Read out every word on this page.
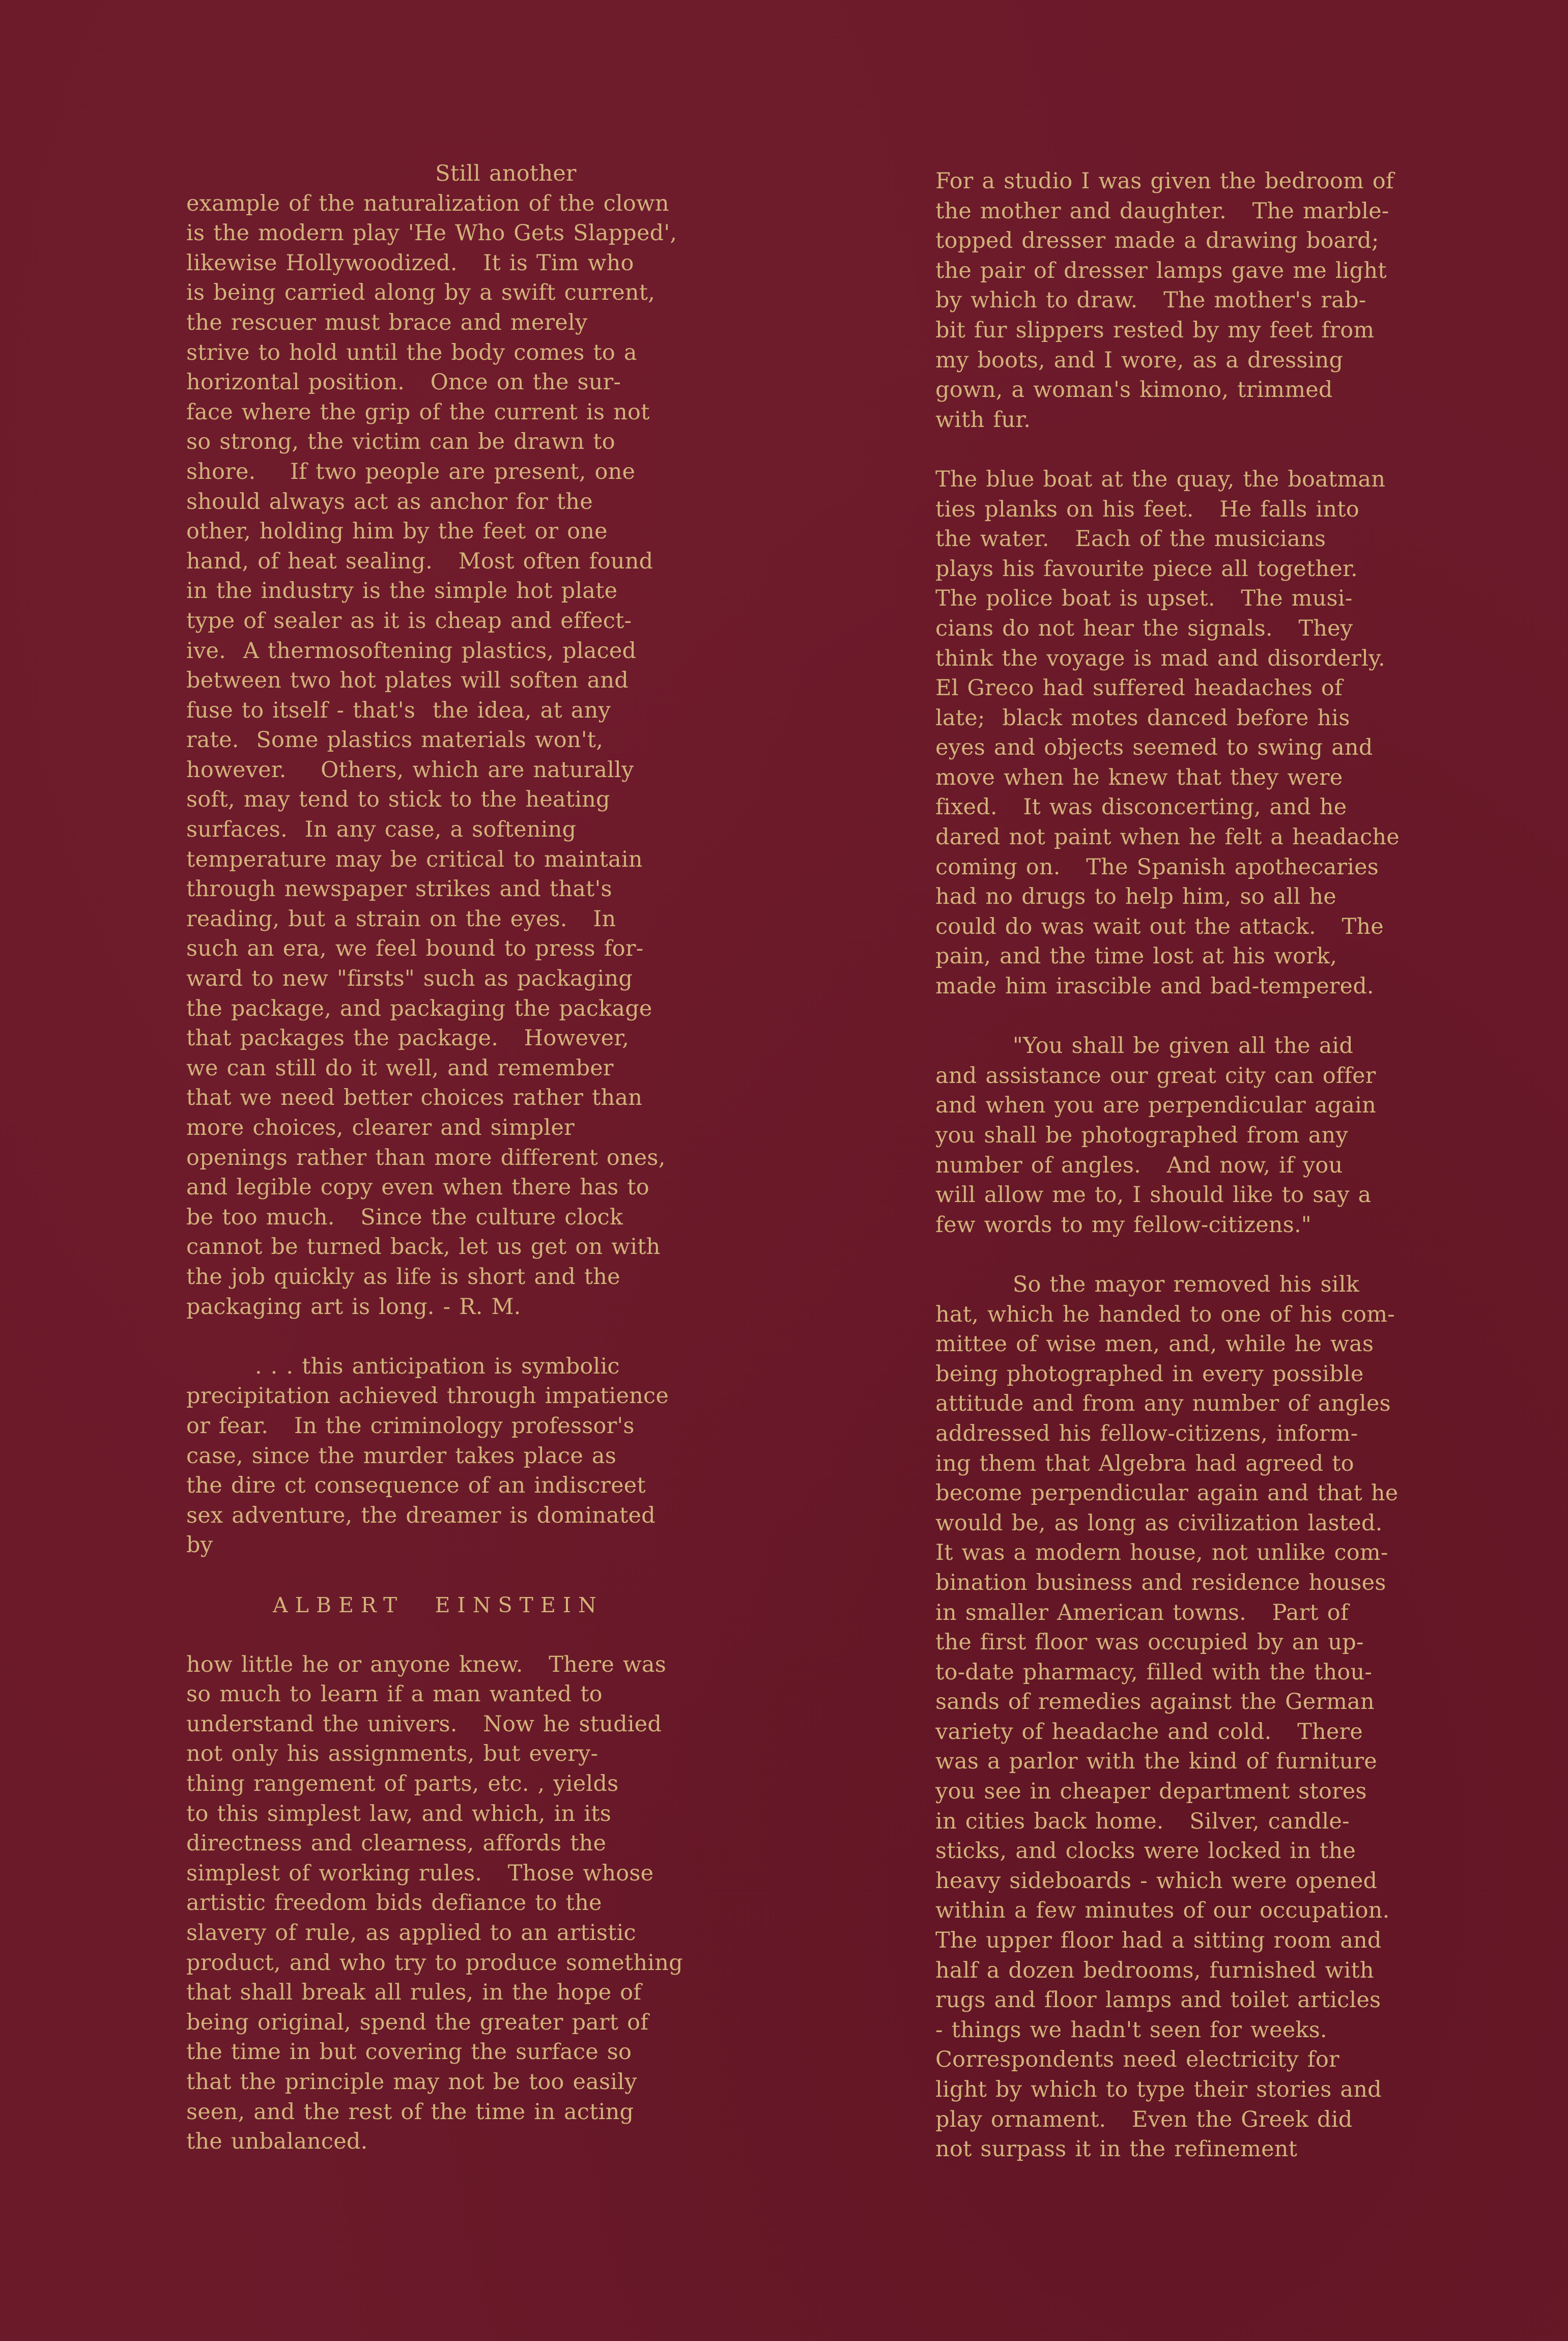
Still another
example of the naturalization of the clown
is the modern play 'He Who Gets Slapped',
likewise Hollywoodized.   It is Tim who
is being carried along by a swift current,
the rescuer must brace and merely
strive to hold until the body comes to a
horizontal position.   Once on the sur-
face where the grip of the current is not
so strong, the victim can be drawn to
shore.    If two people are present, one
should always act as anchor for the
other, holding him by the feet or one
hand, of heat sealing.   Most often found
in the industry is the simple hot plate
type of sealer as it is cheap and effect-
ive.  A thermosoftening plastics, placed
between two hot plates will soften and
fuse to itself - that's  the idea, at any
rate.  Some plastics materials won't,
however.    Others, which are naturally
soft, may tend to stick to the heating
surfaces.  In any case, a softening
temperature may be critical to maintain
through newspaper strikes and that's
reading, but a strain on the eyes.   In
such an era, we feel bound to press for-
ward to new "firsts" such as packaging
the package, and packaging the package
that packages the package.   However,
we can still do it well, and remember
that we need better choices rather than
more choices, clearer and simpler
openings rather than more different ones,
and legible copy even when there has to
be too much.   Since the culture clock
cannot be turned back, let us get on with
the job quickly as life is short and the
packaging art is long. - R. M.
. . . this anticipation is symbolic
precipitation achieved through impatience
or fear.   In the criminology professor's
case, since the murder takes place as
the dire ct consequence of an indiscreet
sex adventure, the dreamer is dominated
by
ALBERT  EINSTEIN
how little he or anyone knew.   There was
so much to learn if a man wanted to
understand the univers.   Now he studied
not only his assignments, but every-
thing rangement of parts, etc. , yields
to this simplest law, and which, in its
directness and clearness, affords the
simplest of working rules.   Those whose
artistic freedom bids defiance to the
slavery of rule, as applied to an artistic
product, and who try to produce something
that shall break all rules, in the hope of
being original, spend the greater part of
the time in but covering the surface so
that the principle may not be too easily
seen, and the rest of the time in acting
the unbalanced.
For a studio I was given the bedroom of
the mother and daughter.   The marble-
topped dresser made a drawing board;
the pair of dresser lamps gave me light
by which to draw.   The mother's rab-
bit fur slippers rested by my feet from
my boots, and I wore, as a dressing
gown, a woman's kimono, trimmed
with fur.
The blue boat at the quay, the boatman
ties planks on his feet.   He falls into
the water.   Each of the musicians
plays his favourite piece all together.
The police boat is upset.   The musi-
cians do not hear the signals.   They
think the voyage is mad and disorderly.
El Greco had suffered headaches of
late;  black motes danced before his
eyes and objects seemed to swing and
move when he knew that they were
fixed.   It was disconcerting, and he
dared not paint when he felt a headache
coming on.   The Spanish apothecaries
had no drugs to help him, so all he
could do was wait out the attack.   The
pain, and the time lost at his work,
made him irascible and bad-tempered.
"You shall be given all the aid
and assistance our great city can offer
and when you are perpendicular again
you shall be photographed from any
number of angles.   And now, if you
will allow me to, I should like to say a
few words to my fellow-citizens."
So the mayor removed his silk
hat, which he handed to one of his com-
mittee of wise men, and, while he was
being photographed in every possible
attitude and from any number of angles
addressed his fellow-citizens, inform-
ing them that Algebra had agreed to
become perpendicular again and that he
would be, as long as civilization lasted.
It was a modern house, not unlike com-
bination business and residence houses
in smaller American towns.   Part of
the first floor was occupied by an up-
to-date pharmacy, filled with the thou-
sands of remedies against the German
variety of headache and cold.   There
was a parlor with the kind of furniture
you see in cheaper department stores
in cities back home.   Silver, candle-
sticks, and clocks were locked in the
heavy sideboards - which were opened
within a few minutes of our occupation.
The upper floor had a sitting room and
half a dozen bedrooms, furnished with
rugs and floor lamps and toilet articles
- things we hadn't seen for weeks.
Correspondents need electricity for
light by which to type their stories and
play ornament.   Even the Greek did
not surpass it in the refinement
